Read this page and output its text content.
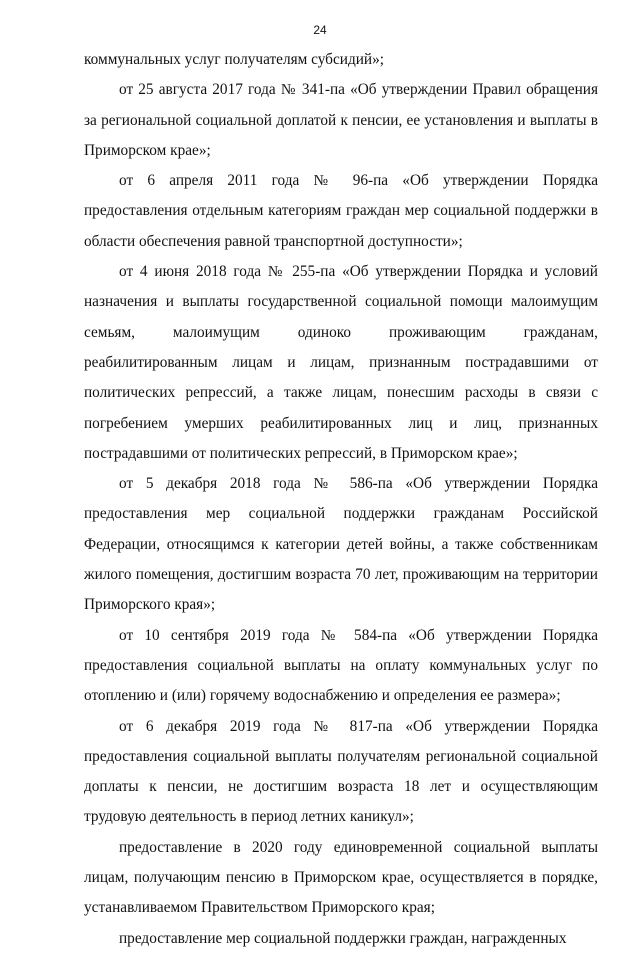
24

коммунальных услуг получателям субсидий»;

от 25 августа 2017 года № 341-па «Об утверждении Правил обращения за региональной социальной доплатой к пенсии, ее установления и выплаты в Приморском крае»;

от 6 апреля 2011 года № 96-па «Об утверждении Порядка предоставления отдельным категориям граждан мер социальной поддержки в области обеспечения равной транспортной доступности»;

от 4 июня 2018 года № 255-па «Об утверждении Порядка и условий назначения и выплаты государственной социальной помощи малоимущим семьям, малоимущим одиноко проживающим гражданам, реабилитированным лицам и лицам, признанным пострадавшими от политических репрессий, а также лицам, понесшим расходы в связи с погребением умерших реабилитированных лиц и лиц, признанных пострадавшими от политических репрессий, в Приморском крае»;

от 5 декабря 2018 года № 586-па «Об утверждении Порядка предоставления мер социальной поддержки гражданам Российской Федерации, относящимся к категории детей войны, а также собственникам жилого помещения, достигшим возраста 70 лет, проживающим на территории Приморского края»;

от 10 сентября 2019 года № 584-па «Об утверждении Порядка предоставления социальной выплаты на оплату коммунальных услуг по отоплению и (или) горячему водоснабжению и определения ее размера»;

от 6 декабря 2019 года № 817-па «Об утверждении Порядка предоставления социальной выплаты получателям региональной социальной доплаты к пенсии, не достигшим возраста 18 лет и осуществляющим трудовую деятельность в период летних каникул»;

предоставление в 2020 году единовременной социальной выплаты лицам, получающим пенсию в Приморском крае, осуществляется в порядке, устанавливаемом Правительством Приморского края;

предоставление мер социальной поддержки граждан, награжденных
